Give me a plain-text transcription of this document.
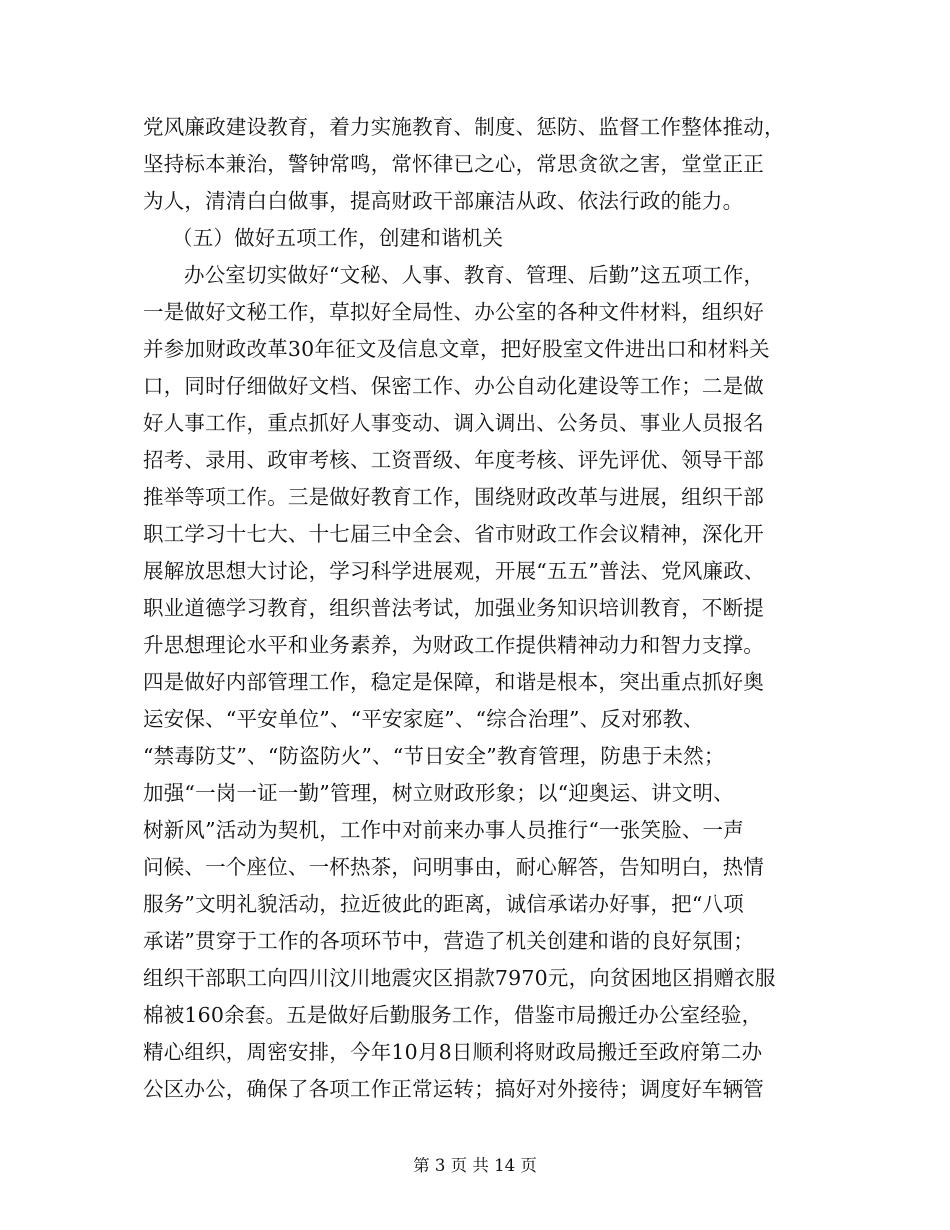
党风廉政建设教育，着力实施教育、制度、惩防、监督工作整体推动，
坚持标本兼治，警钟常鸣，常怀律已之心，常思贪欲之害，堂堂正正
为人，清清白白做事，提高财政干部廉洁从政、依法行政的能力。
（五）做好五项工作，创建和谐机关
办公室切实做好“文秘、人事、教育、管理、后勤”这五项工作，
一是做好文秘工作，草拟好全局性、办公室的各种文件材料，组织好
并参加财政改革30年征文及信息文章，把好股室文件进出口和材料关
口，同时仔细做好文档、保密工作、办公自动化建设等工作；二是做
好人事工作，重点抓好人事变动、调入调出、公务员、事业人员报名
招考、录用、政审考核、工资晋级、年度考核、评先评优、领导干部
推举等项工作。三是做好教育工作，围绕财政改革与进展，组织干部
职工学习十七大、十七届三中全会、省市财政工作会议精神，深化开
展解放思想大讨论，学习科学进展观，开展“五五”普法、党风廉政、
职业道德学习教育，组织普法考试，加强业务知识培训教育，不断提
升思想理论水平和业务素养，为财政工作提供精神动力和智力支撑。
四是做好内部管理工作，稳定是保障，和谐是根本，突出重点抓好奥
运安保、“平安单位”、“平安家庭”、“综合治理”、反对邪教、
“禁毒防艾”、“防盗防火”、“节日安全”教育管理，防患于未然；
加强“一岗一证一勤”管理，树立财政形象；以“迎奥运、讲文明、
树新风”活动为契机，工作中对前来办事人员推行“一张笑脸、一声
问候、一个座位、一杯热茶，问明事由，耐心解答，告知明白，热情
服务”文明礼貌活动，拉近彼此的距离，诚信承诺办好事，把“八项
承诺”贯穿于工作的各项环节中，营造了机关创建和谐的良好氛围；
组织干部职工向四川汶川地震灾区捐款7970元，向贫困地区捐赠衣服
棉被160余套。五是做好后勤服务工作，借鉴市局搬迁办公室经验，
精心组织，周密安排，今年10月8日顺利将财政局搬迁至政府第二办
公区办公，确保了各项工作正常运转；搞好对外接待；调度好车辆管
第 3 页 共 14 页
